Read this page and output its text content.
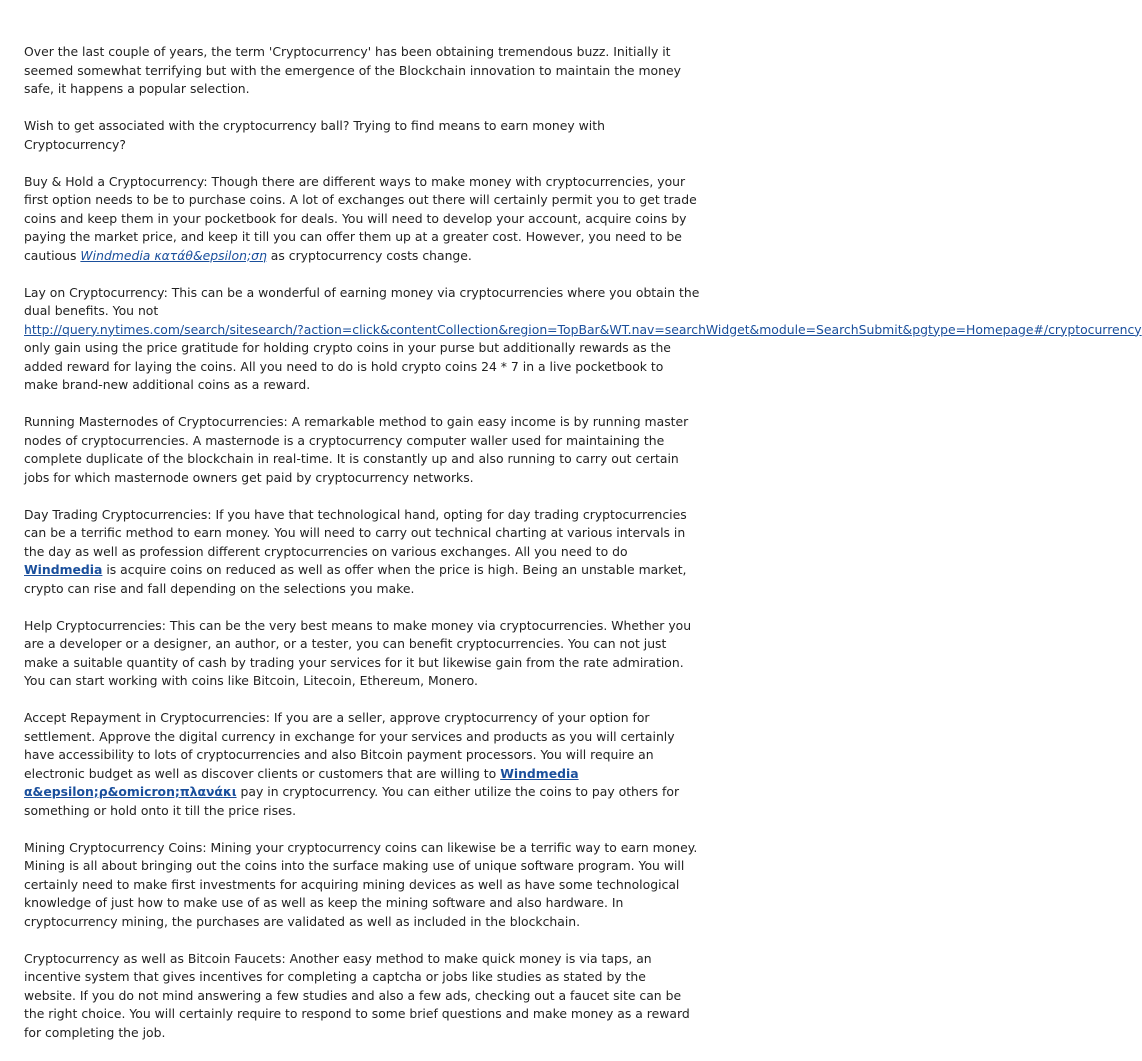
Over the last couple of years, the term 'Cryptocurrency' has been obtaining tremendous buzz. Initially it seemed somewhat terrifying but with the emergence of the Blockchain innovation to maintain the money safe, it happens a popular selection.

Wish to get associated with the cryptocurrency ball? Trying to find means to earn money with Cryptocurrency?

Buy & Hold a Cryptocurrency: Though there are different ways to make money with cryptocurrencies, your first option needs to be to purchase coins. A lot of exchanges out there will certainly permit you to get trade coins and keep them in your pocketbook for deals. You will need to develop your account, acquire coins by paying the market price, and keep it till you can offer them up at a greater cost. However, you need to be cautious Windmedia κατάθ&epsilon;ση as cryptocurrency costs change.

Lay on Cryptocurrency: This can be a wonderful of earning money via cryptocurrencies where you obtain the dual benefits. You not
http://query.nytimes.com/search/sitesearch/?action=click&contentCollection&region=TopBar&WT.nav=searchWidget&module=SearchSubmit&pgtype=Homepage#/cryptocurrency
only gain using the price gratitude for holding crypto coins in your purse but additionally rewards as the added reward for laying the coins. All you need to do is hold crypto coins 24 * 7 in a live pocketbook to make brand-new additional coins as a reward.

Running Masternodes of Cryptocurrencies: A remarkable method to gain easy income is by running master nodes of cryptocurrencies. A masternode is a cryptocurrency computer waller used for maintaining the complete duplicate of the blockchain in real-time. It is constantly up and also running to carry out certain jobs for which masternode owners get paid by cryptocurrency networks.

Day Trading Cryptocurrencies: If you have that technological hand, opting for day trading cryptocurrencies can be a terrific method to earn money. You will need to carry out technical charting at various intervals in the day as well as profession different cryptocurrencies on various exchanges. All you need to do Windmedia is acquire coins on reduced as well as offer when the price is high. Being an unstable market, crypto can rise and fall depending on the selections you make.

Help Cryptocurrencies: This can be the very best means to make money via cryptocurrencies. Whether you are a developer or a designer, an author, or a tester, you can benefit cryptocurrencies. You can not just make a suitable quantity of cash by trading your services for it but likewise gain from the rate admiration. You can start working with coins like Bitcoin, Litecoin, Ethereum, Monero.

Accept Repayment in Cryptocurrencies: If you are a seller, approve cryptocurrency of your option for settlement. Approve the digital currency in exchange for your services and products as you will certainly have accessibility to lots of cryptocurrencies and also Bitcoin payment processors. You will require an electronic budget as well as discover clients or customers that are willing to Windmedia α&epsilon;ρ&omicron;πλανάκι pay in cryptocurrency. You can either utilize the coins to pay others for something or hold onto it till the price rises.

Mining Cryptocurrency Coins: Mining your cryptocurrency coins can likewise be a terrific way to earn money. Mining is all about bringing out the coins into the surface making use of unique software program. You will certainly need to make first investments for acquiring mining devices as well as have some technological knowledge of just how to make use of as well as keep the mining software and also hardware. In cryptocurrency mining, the purchases are validated as well as included in the blockchain.

Cryptocurrency as well as Bitcoin Faucets: Another easy method to make quick money is via taps, an incentive system that gives incentives for completing a captcha or jobs like studies as stated by the website. If you do not mind answering a few studies and also a few ads, checking out a faucet site can be the right choice. You will certainly require to respond to some brief questions and make money as a reward for completing the job.
